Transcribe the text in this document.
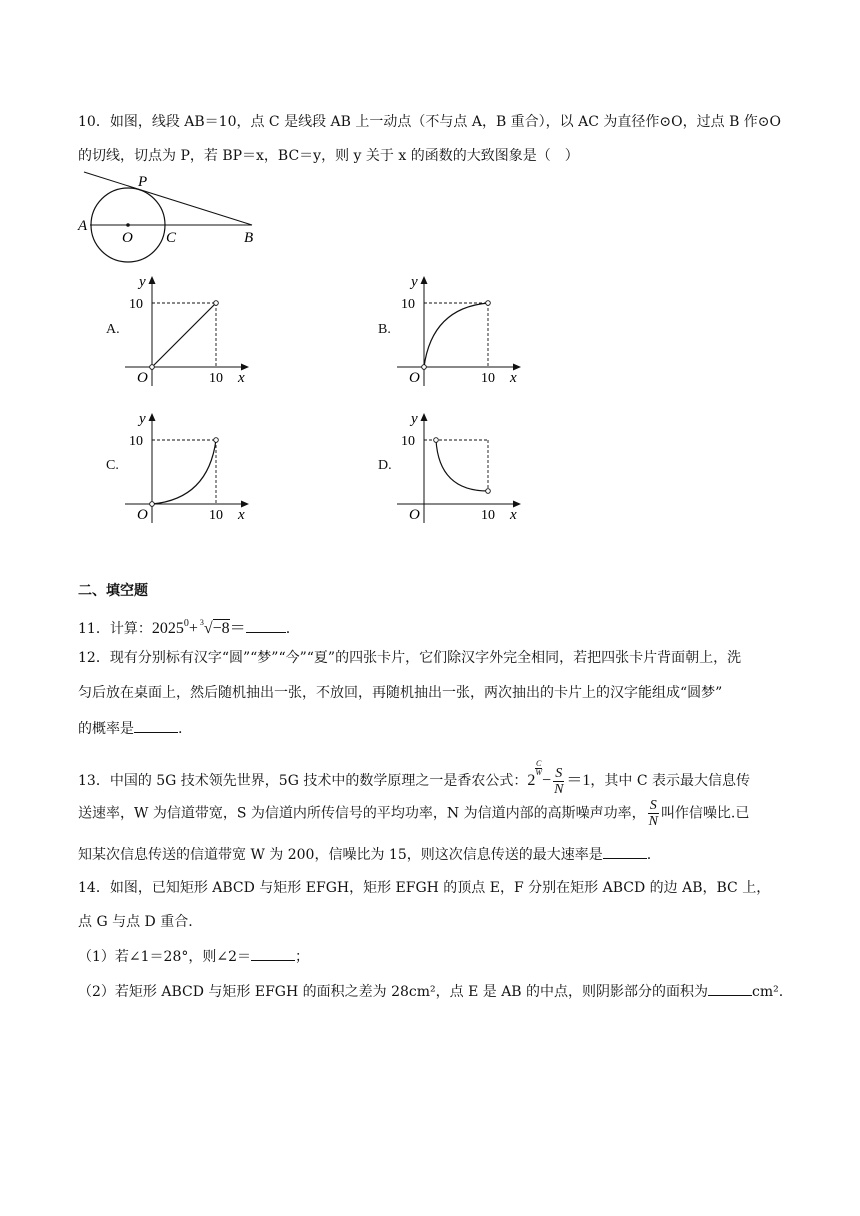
10．如图，线段 AB＝10，点 C 是线段 AB 上一动点（不与点 A，B 重合），以 AC 为直径作⊙O，过点 B 作⊙O
的切线，切点为 P，若 BP＝x，BC＝y，则 y 关于 x 的函数的大致图象是（　）
P
A
O C	B
A.
y
10
O	10 x
B.
y
10
O	10 x
C.
y
10
O	10 x
D.
y
10
O	10 x
二、填空题
11．计算：$2025^0+ ^3√-8=$	.
12．现有分别标有汉字“圆”“梦”“今”“夏”的四张卡片，它们除汉字外完全相同，若把四张卡片背面朝上，洗
匀后放在桌面上，然后随机抽出一张，不放回，再随机抽出一张，两次抽出的卡片上的汉字能组成“圆梦”
的概率是	.
13．中国的 5G 技术领先世界，5G 技术中的数学原理之一是香农公式：2
$\frac{C}{W}$
− $\frac{S}{N} =1$，其中 C 表示最大信息传
送速率，W 为信道带宽，S 为信道内所传信号的平均功率，N 为信道内部的高斯噪声功率， $\frac{S}{N}$ 叫作信噪比.已
知某次信息传送的信道带宽 W 为 200，信噪比为 15，则这次信息传送的最大速率是	.
14．如图，已知矩形 ABCD 与矩形 EFGH，矩形 EFGH 的顶点 E，F 分别在矩形 ABCD 的边 AB，BC 上，
点 G 与点 D 重合.
（1）若∠1＝28°，则∠2＝	；
（2）若矩形 ABCD 与矩形 EFGH 的面积之差为 28cm²，点 E 是 AB 的中点，则阴影部分的面积为	cm².
